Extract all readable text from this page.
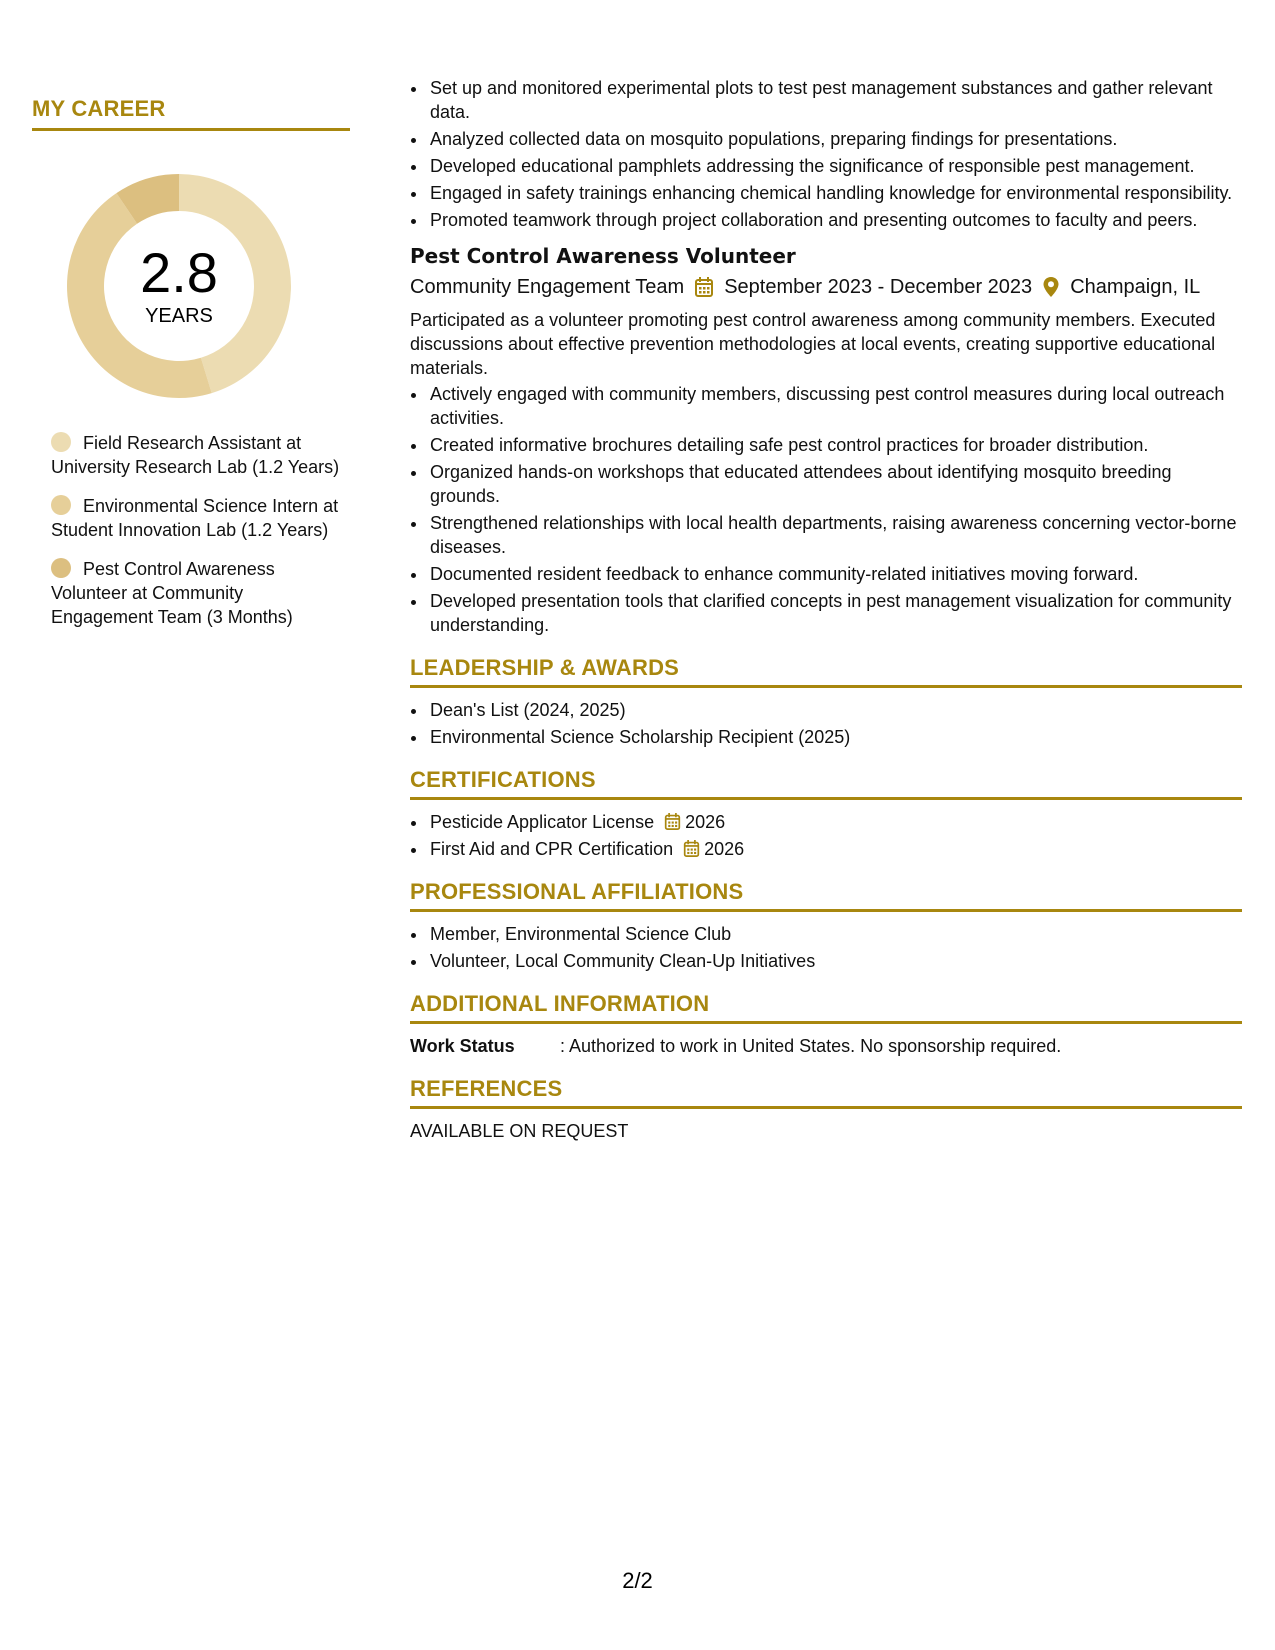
MY CAREER
2.8
YEARS
Field Research Assistant at University Research Lab (1.2 Years)
Environmental Science Intern at Student Innovation Lab (1.2 Years)
Pest Control Awareness Volunteer at Community Engagement Team (3 Months)
• Set up and monitored experimental plots to test pest management substances and gather relevant data.
• Analyzed collected data on mosquito populations, preparing findings for presentations.
• Developed educational pamphlets addressing the significance of responsible pest management.
• Engaged in safety trainings enhancing chemical handling knowledge for environmental responsibility.
• Promoted teamwork through project collaboration and presenting outcomes to faculty and peers.
Pest Control Awareness Volunteer
Community Engagement Team September 2023 - December 2023 Champaign, IL
Participated as a volunteer promoting pest control awareness among community members. Executed discussions about effective prevention methodologies at local events, creating supportive educational materials.
• Actively engaged with community members, discussing pest control measures during local outreach activities.
• Created informative brochures detailing safe pest control practices for broader distribution.
• Organized hands-on workshops that educated attendees about identifying mosquito breeding grounds.
• Strengthened relationships with local health departments, raising awareness concerning vector-borne diseases.
• Documented resident feedback to enhance community-related initiatives moving forward.
• Developed presentation tools that clarified concepts in pest management visualization for community understanding.
LEADERSHIP & AWARDS
• Dean's List (2024, 2025)
• Environmental Science Scholarship Recipient (2025)
CERTIFICATIONS
• Pesticide Applicator License 2026
• First Aid and CPR Certification 2026
PROFESSIONAL AFFILIATIONS
• Member, Environmental Science Club
• Volunteer, Local Community Clean-Up Initiatives
ADDITIONAL INFORMATION
Work Status	: Authorized to work in United States. No sponsorship required.
REFERENCES
AVAILABLE ON REQUEST
2/2
